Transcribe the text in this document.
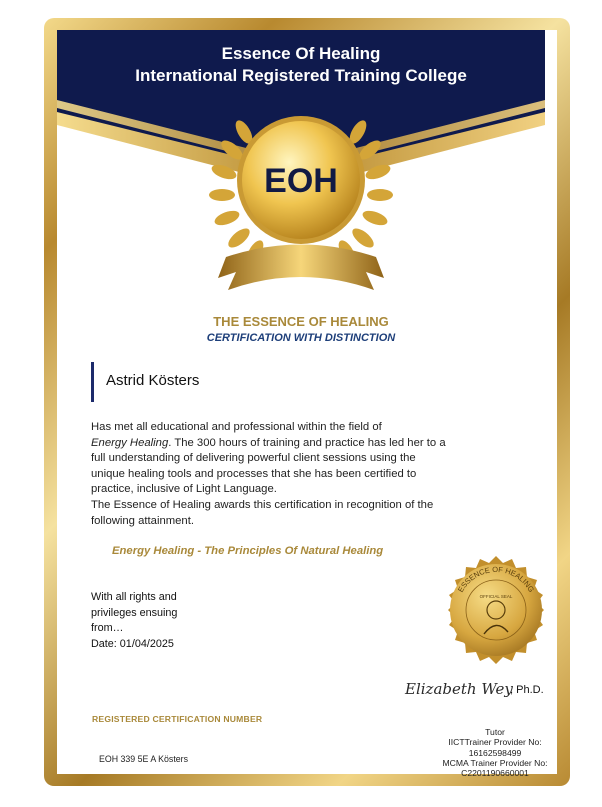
Essence Of Healing
International Registered Training College
EOH
THE ESSENCE OF HEALING
CERTIFICATION WITH DISTINCTION
Astrid Kösters

Has met all educational and professional within the field of
Energy Healing. The 300 hours of training and practice has led her to a full understanding of delivering powerful client sessions using the unique healing tools and processes that she has been certified to practice, inclusive of Light Language.

The Essence of Healing awards this certification in recognition of the following attainment.

Energy Healing - The Principles Of Natural Healing
With all rights and
privileges ensuing
from…
Date: 01/04/2025
ESSENCE OF HEALING
OFFICIAL SEAL
Elizabeth Wey
, Ph.D.
REGISTERED CERTIFICATION NUMBER
EOH 339 5E A Kösters
Tutor
IICTTrainer Provider No:
16162598499
MCMA Trainer Provider No:
C2201190660001
